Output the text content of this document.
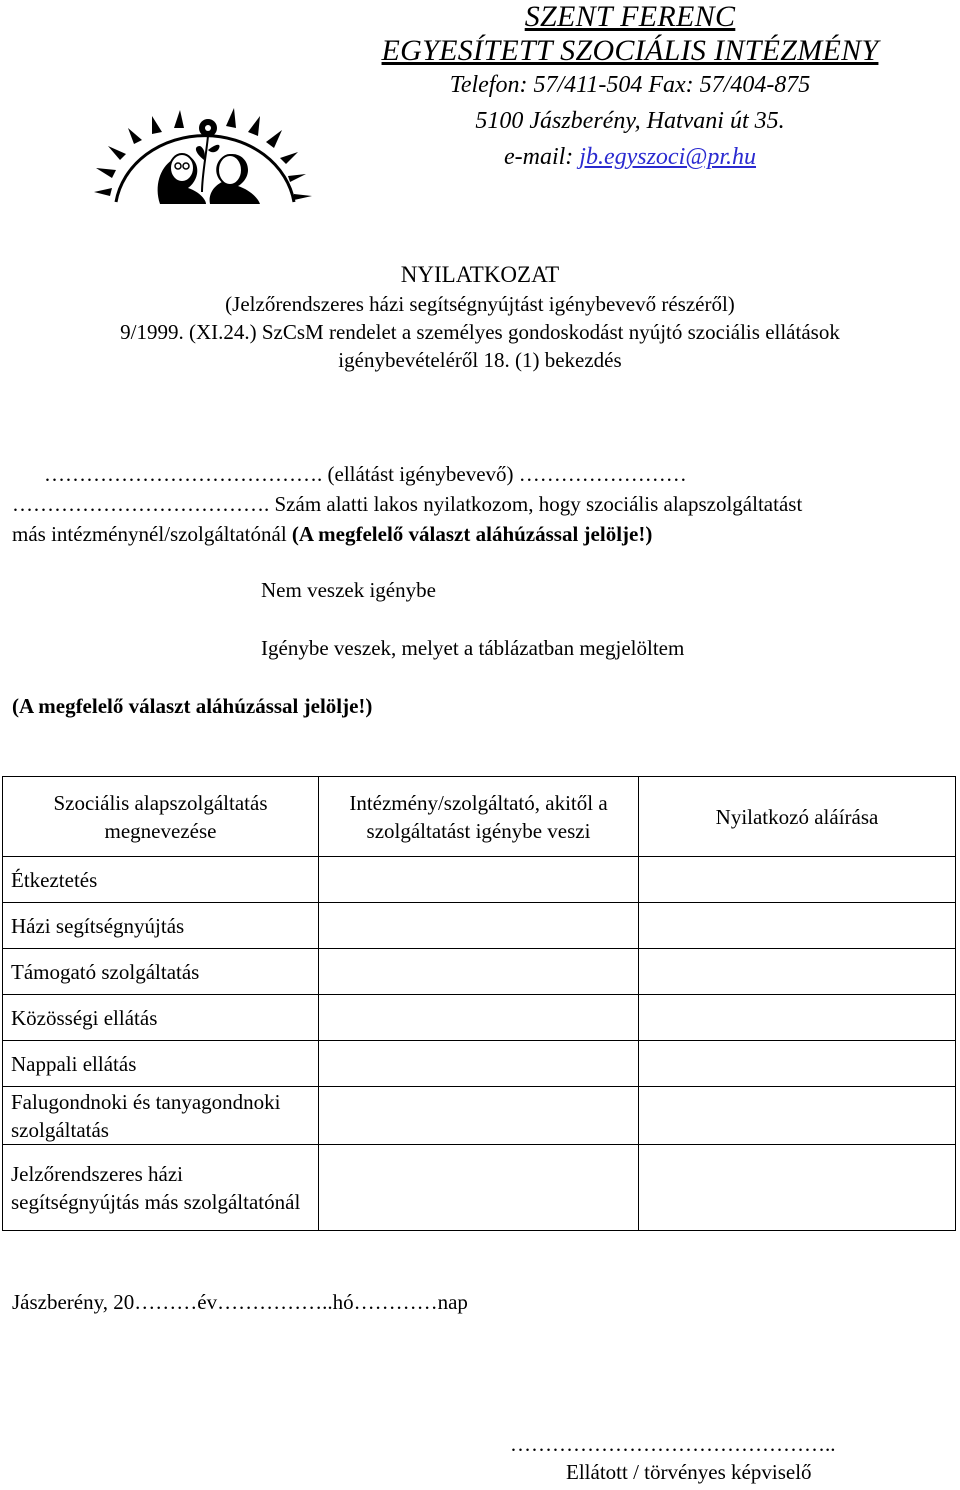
SZENT FERENC
EGYESÍTETT SZOCIÁLIS INTÉZMÉNY
Telefon: 57/411-504 Fax: 57/404-875
5100 Jászberény, Hatvani út 35.
e-mail: jb.egyszoci@pr.hu
NYILATKOZAT
(Jelzőrendszeres házi segítségnyújtást igénybevevő részéről)
9/1999. (XI.24.) SzCsM rendelet a személyes gondoskodást nyújtó szociális ellátások
igénybevételéről 18. (1) bekezdés
…………………………………. (ellátást igénybevevő) ……………………
………………………………. Szám alatti lakos nyilatkozom, hogy szociális alapszolgáltatást
más intézménynél/szolgáltatónál (A megfelelő választ aláhúzással jelölje!)
Nem veszek igénybe
Igénybe veszek, melyet a táblázatban megjelöltem
(A megfelelő választ aláhúzással jelölje!)
Szociális alapszolgáltatás megnevezése	Intézmény/szolgáltató, akitől a szolgáltatást igénybe veszi	Nyilatkozó aláírása
Étkeztetés		
Házi segítségnyújtás		
Támogató szolgáltatás		
Közösségi ellátás		
Nappali ellátás		
Falugondnoki és tanyagondnoki szolgáltatás		
Jelzőrendszeres házi segítségnyújtás más szolgáltatónál		
Jászberény, 20………év……………..hó…………nap
………………………………………..
Ellátott / törvényes képviselő
